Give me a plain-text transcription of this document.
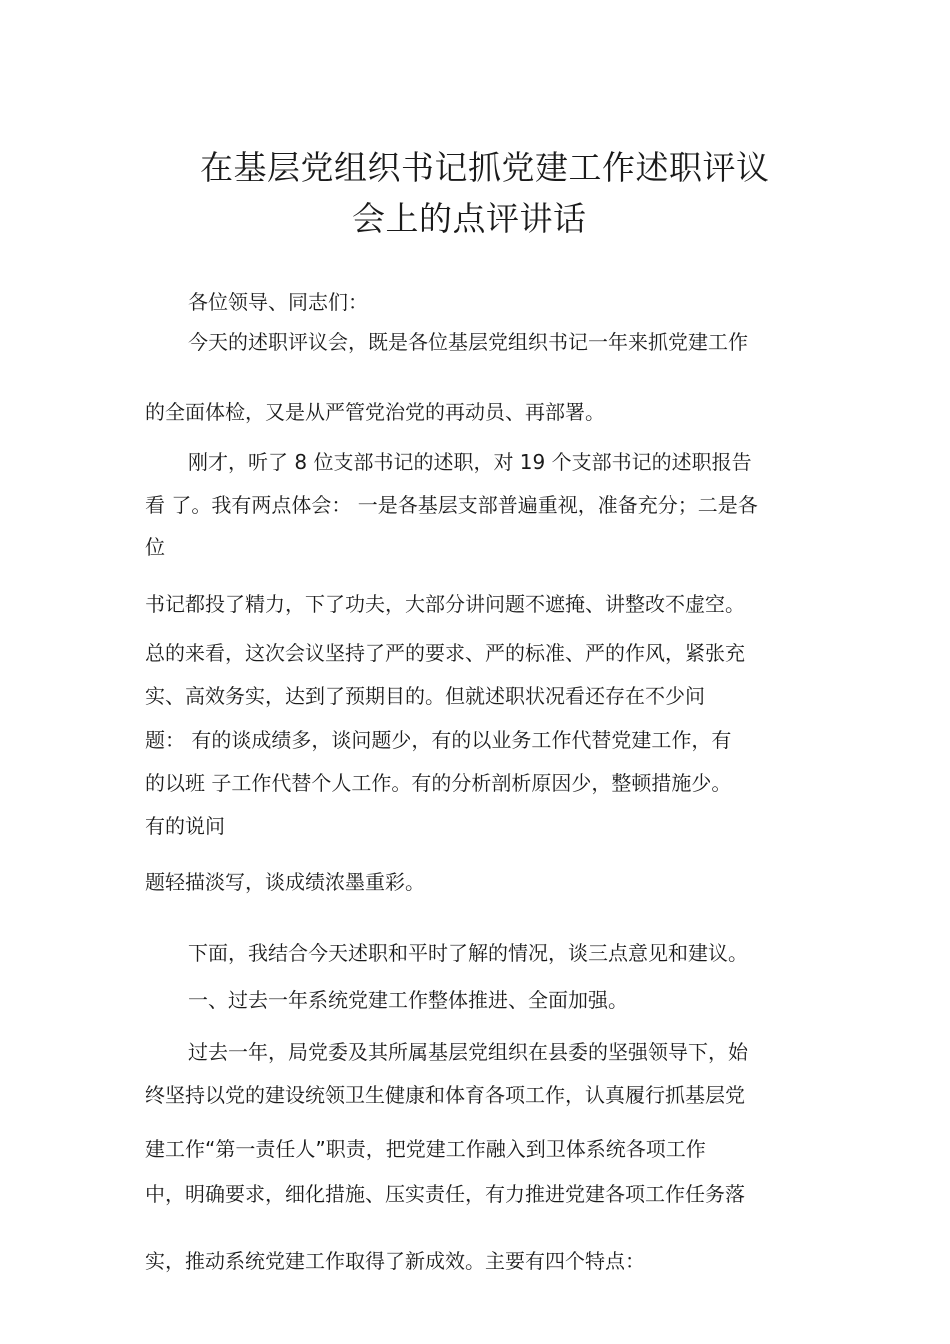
在基层党组织书记抓党建工作述职评议
会上的点评讲话
各位领导、同志们：
今天的述职评议会，既是各位基层党组织书记一年来抓党建工作
的全面体检，又是从严管党治党的再动员、再部署。
刚才，听了 8 位支部书记的述职，对 19 个支部书记的述职报告
看 了。我有两点体会： 一是各基层支部普遍重视，准备充分；二是各
位
书记都投了精力，下了功夫，大部分讲问题不遮掩、讲整改不虚空。
总的来看，这次会议坚持了严的要求、严的标准、严的作风，紧张充
实、高效务实，达到了预期目的。但就述职状况看还存在不少问
题： 有的谈成绩多，谈问题少，有的以业务工作代替党建工作，有
的以班 子工作代替个人工作。有的分析剖析原因少，整顿措施少。
有的说问
题轻描淡写，谈成绩浓墨重彩。
下面，我结合今天述职和平时了解的情况，谈三点意见和建议。
一、过去一年系统党建工作整体推进、全面加强。
过去一年，局党委及其所属基层党组织在县委的坚强领导下，始
终坚持以党的建设统领卫生健康和体育各项工作，认真履行抓基层党
建工作“第一责任人”职责，把党建工作融入到卫体系统各项工作
中，明确要求，细化措施、压实责任，有力推进党建各项工作任务落
实，推动系统党建工作取得了新成效。主要有四个特点：
